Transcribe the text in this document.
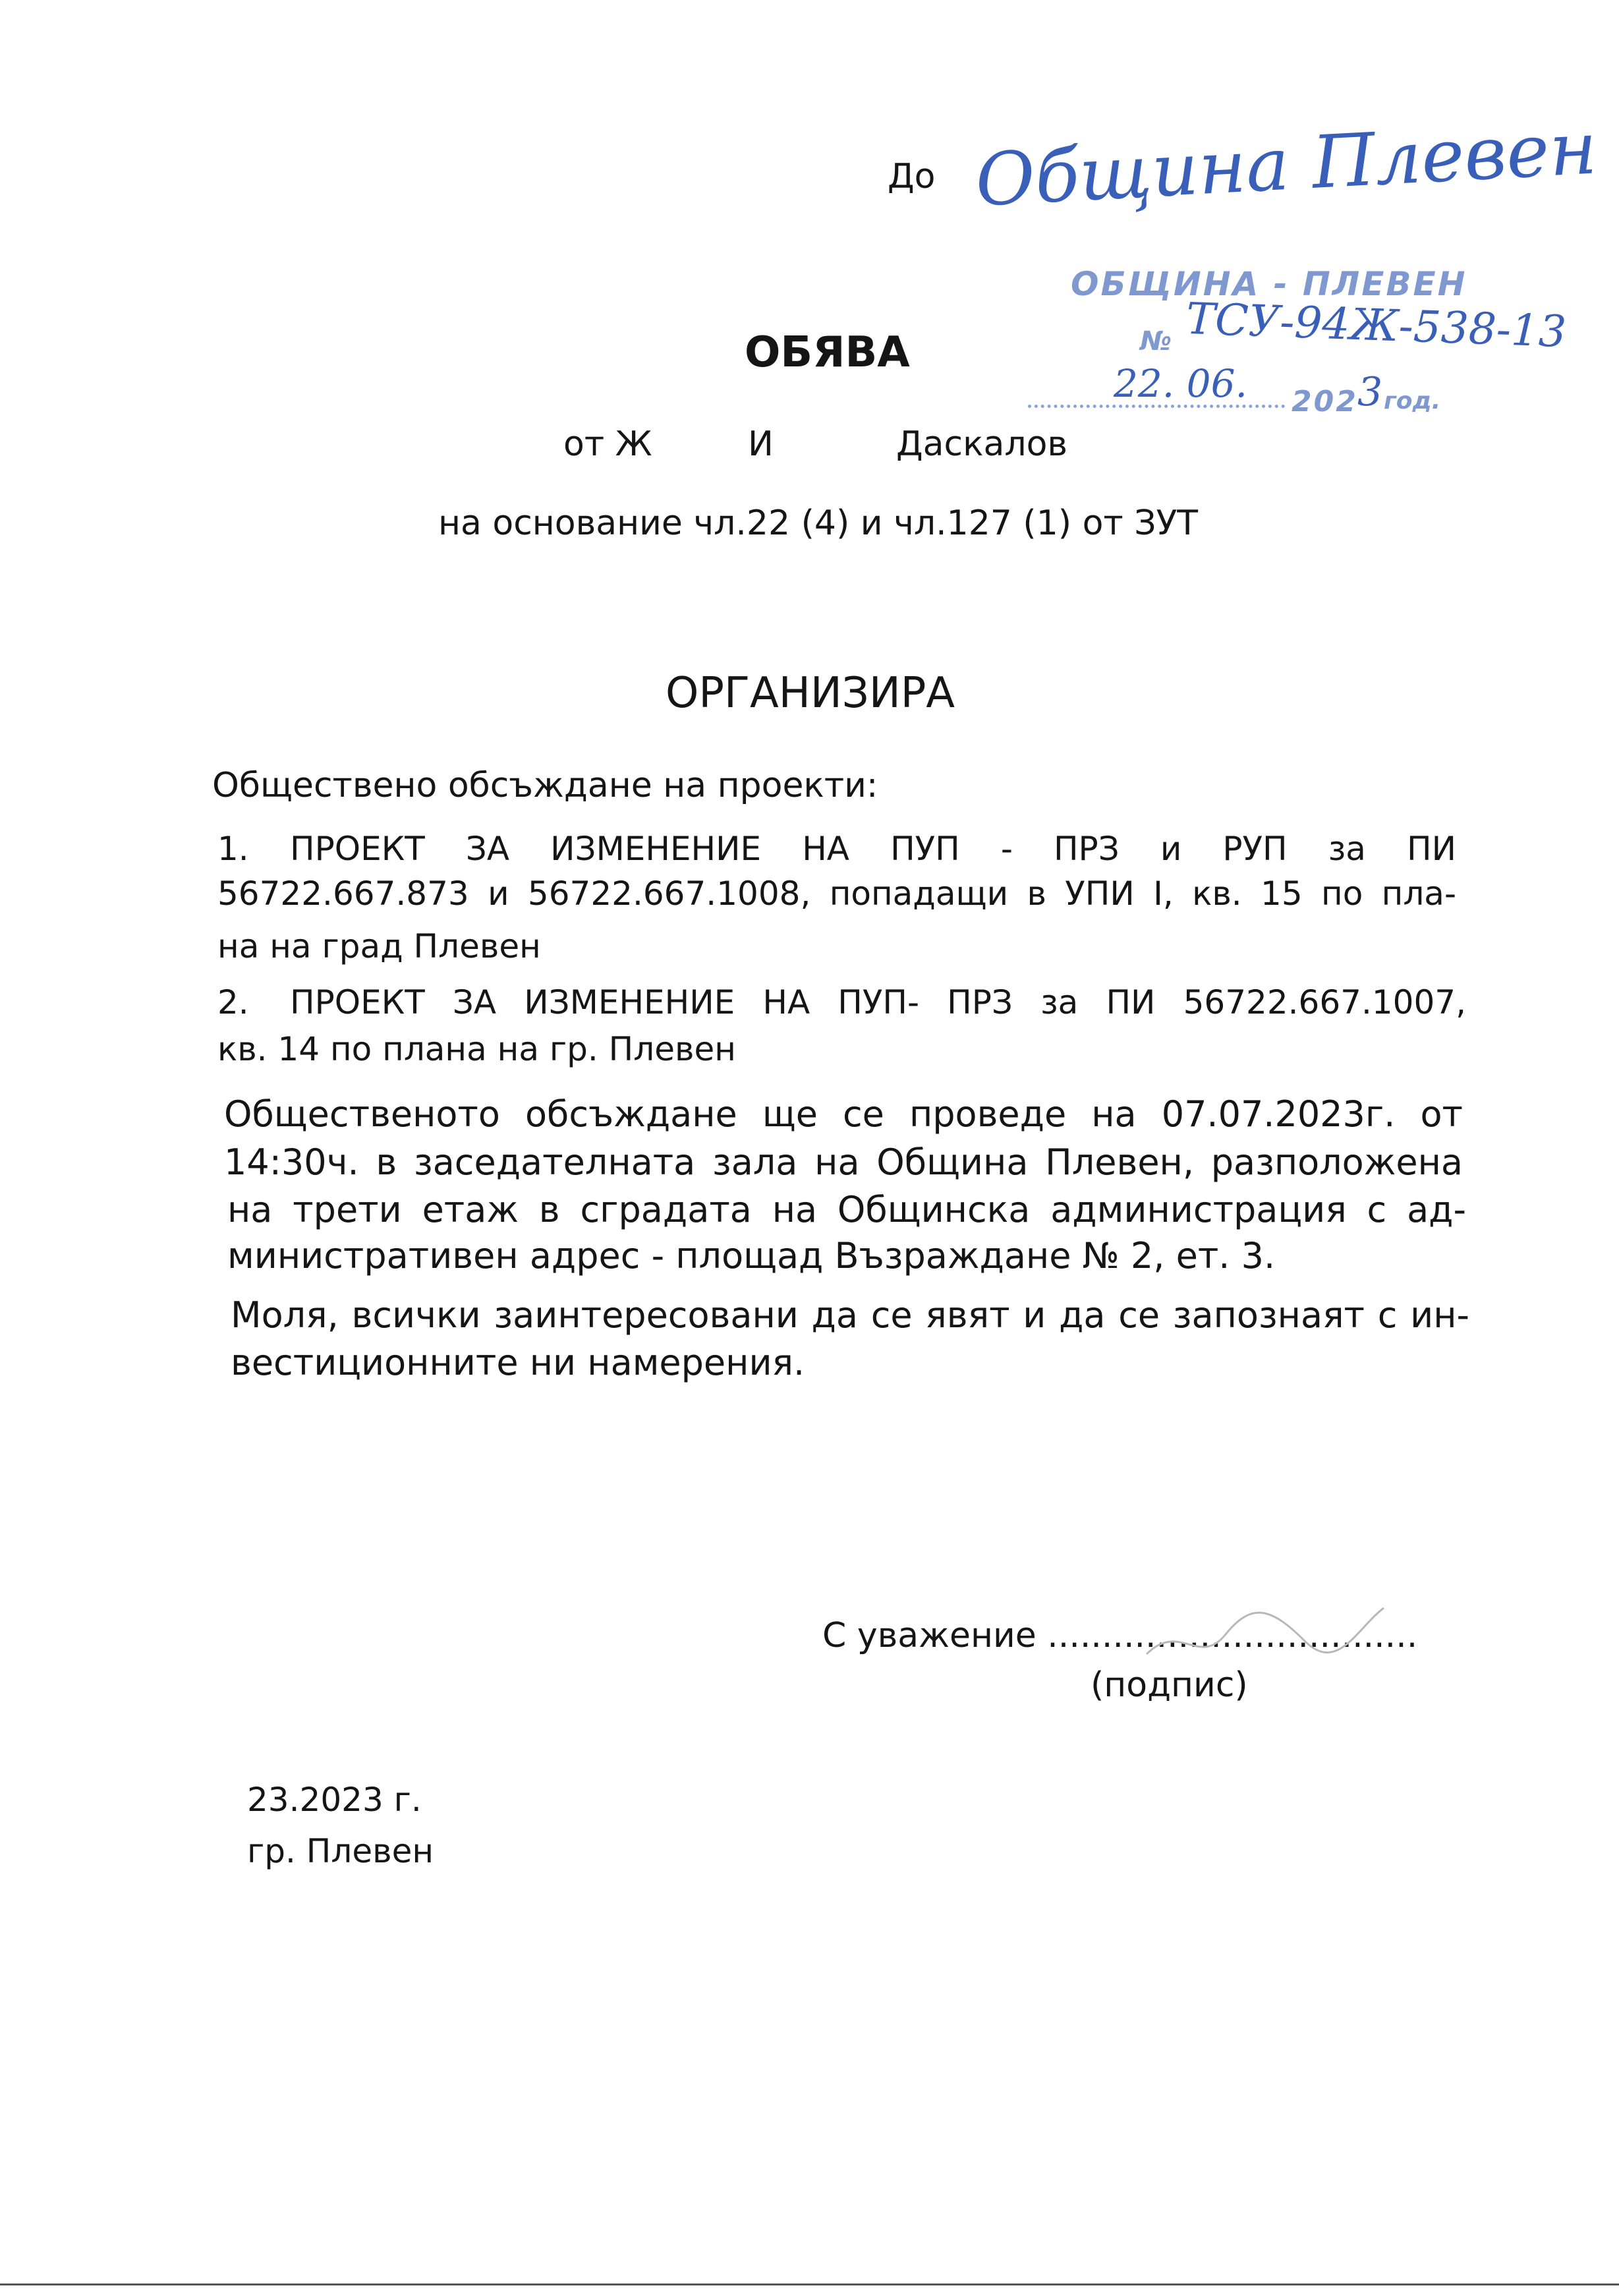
До Община Плевен
ОБЩИНА - ПЛЕВЕН
№ ТСУ-94Ж-538-13
22. 06. 202 3 год.
ОБЯВА
от Ж	И	Даскалов
на основание чл.22 (4) и чл.127 (1) от ЗУТ
ОРГАНИЗИРА
Обществено обсъждане на проекти:
1. ПРОЕКТ ЗА ИЗМЕНЕНИЕ НА ПУП - ПРЗ и РУП за ПИ
56722.667.873 и 56722.667.1008, попадащи в УПИ I, кв. 15 по пла-
на на град Плевен
2. ПРОЕКТ ЗА ИЗМЕНЕНИЕ НА ПУП- ПРЗ за ПИ 56722.667.1007,
кв. 14 по плана на гр. Плевен
Общественото обсъждане ще се проведе на 07.07.2023г. от
14:30ч. в заседателната зала на Община Плевен, разположена
на трети етаж в сградата на Общинска администрация с ад-
министративен адрес - площад Възраждане № 2, ет. 3.
Моля, всички заинтересовани да се явят и да се запознаят с ин-
вестиционните ни намерения.
С уважение ..................................
(подпис)
23.2023 г.
гр. Плевен
